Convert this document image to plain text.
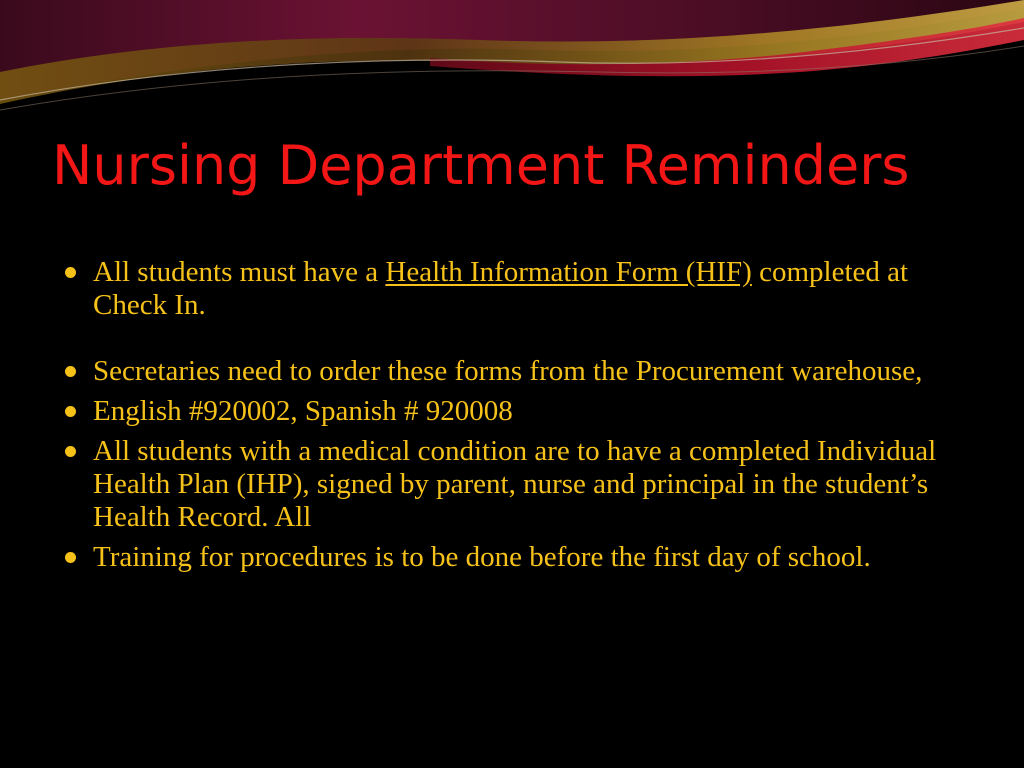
Nursing Department Reminders
All students must have a Health Information Form (HIF) completed at Check In.
Secretaries need to order these forms from the Procurement warehouse,
English #920002, Spanish # 920008
All students with a medical condition are to have a completed Individual Health Plan (IHP), signed by parent, nurse and principal in the student’s Health Record. All
Training for procedures is to be done before the first day of school.
